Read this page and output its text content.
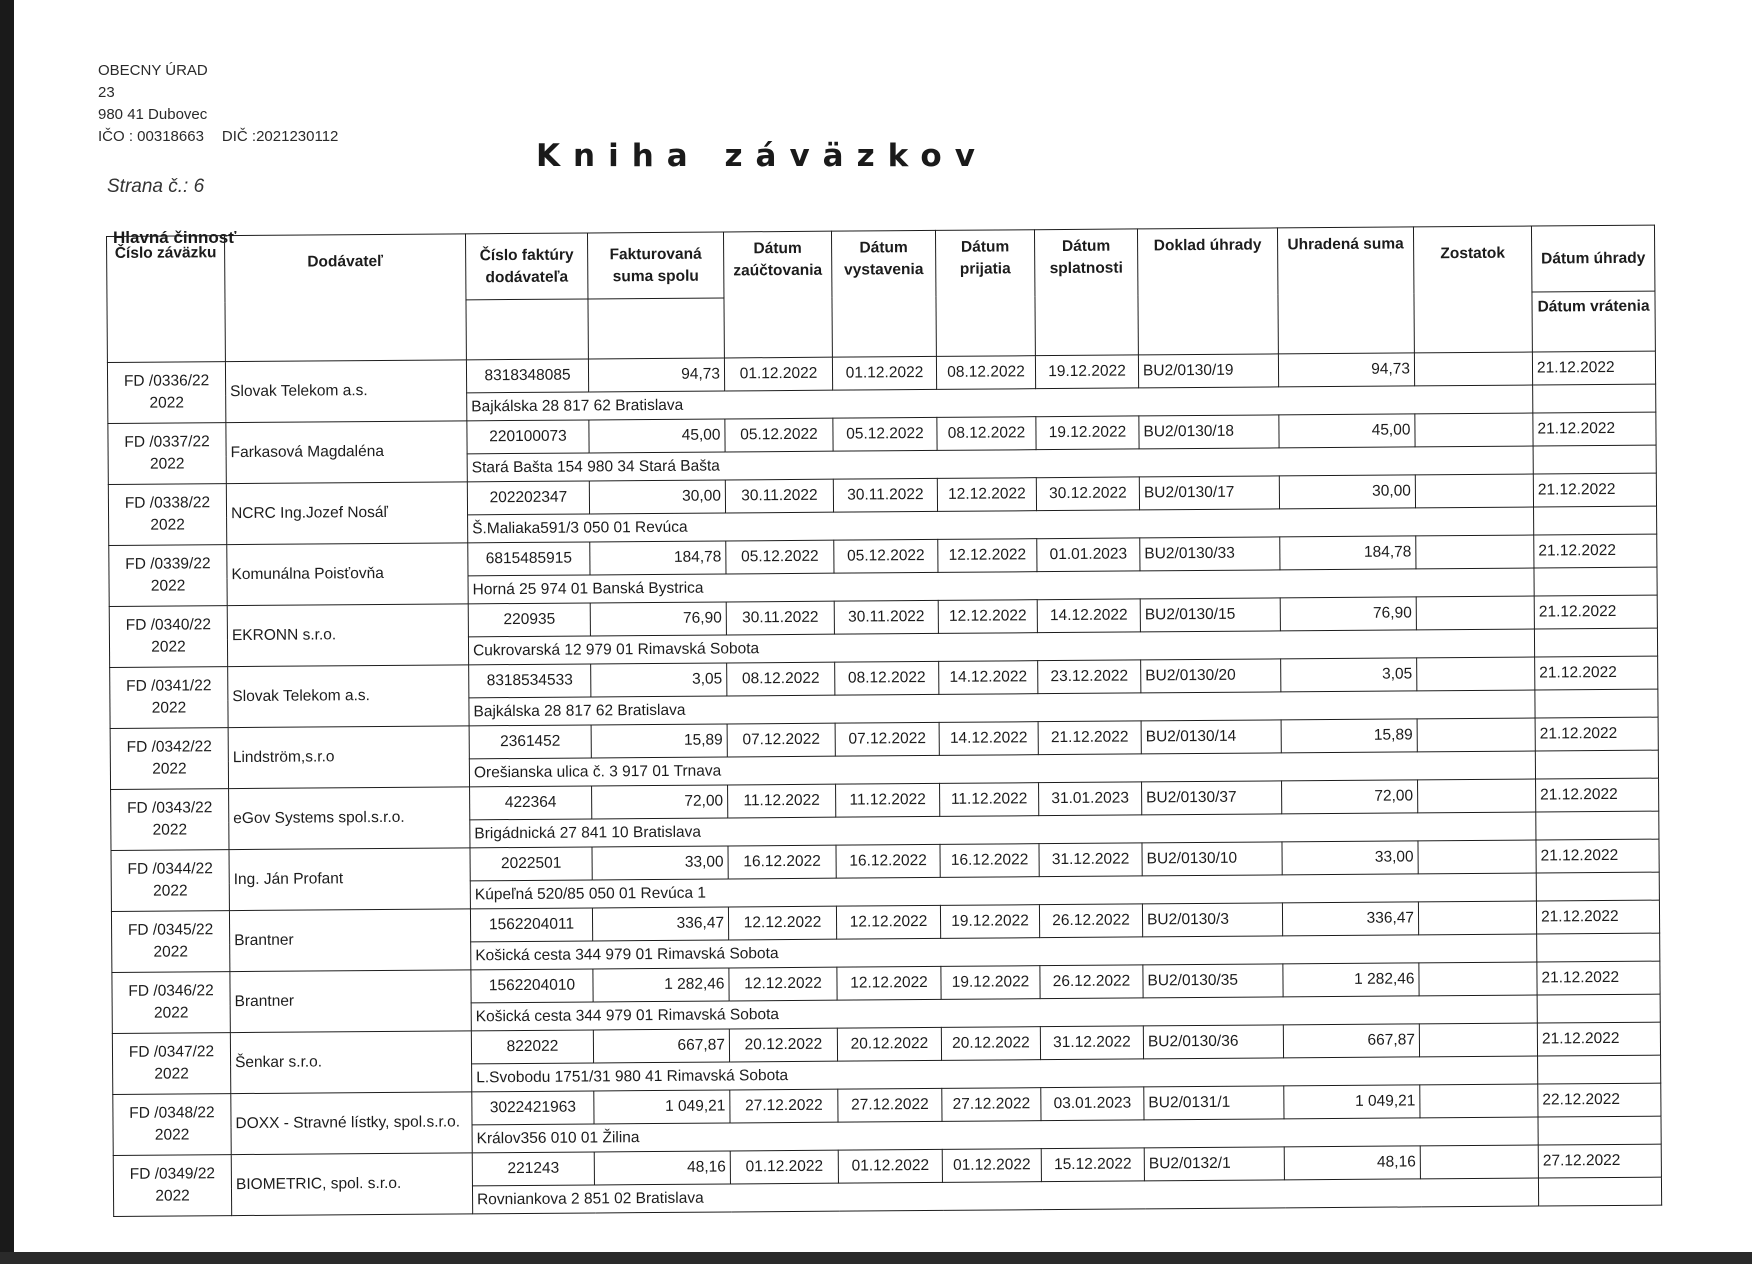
OBECNY ÚRAD
23
980 41 Dubovec
IČO : 00318663 DIČ :2021230112
Strana č.: 6
Kniha záväzkov
Hlavná činnosť
Číslo záväzku	Dodávateľ	Číslo faktúry dodávateľa	Fakturovaná suma spolu	Dátum zaúčtovania	Dátum vystavenia	Dátum prijatia	Dátum splatnosti	Doklad úhrady	Uhradená suma	Zostatok	Dátum úhrady
											Dátum vrátenia
FD /0336/22
2022	Slovak Telekom a.s.	8318348085	94,73	01.12.2022	01.12.2022	08.12.2022	19.12.2022	BU2/0130/19	94,73		21.12.2022
		Bajkálska 28 817 62 Bratislava									
FD /0337/22
2022	Farkasová Magdaléna	220100073	45,00	05.12.2022	05.12.2022	08.12.2022	19.12.2022	BU2/0130/18	45,00		21.12.2022
		Stará Bašta 154 980 34 Stará Bašta									
FD /0338/22
2022	NCRC Ing.Jozef Nosáľ	202202347	30,00	30.11.2022	30.11.2022	12.12.2022	30.12.2022	BU2/0130/17	30,00		21.12.2022
		Š.Maliaka591/3 050 01 Revúca									
FD /0339/22
2022	Komunálna Poisťovňa	6815485915	184,78	05.12.2022	05.12.2022	12.12.2022	01.01.2023	BU2/0130/33	184,78		21.12.2022
		Horná 25 974 01 Banská Bystrica									
FD /0340/22
2022	EKRONN s.r.o.	220935	76,90	30.11.2022	30.11.2022	12.12.2022	14.12.2022	BU2/0130/15	76,90		21.12.2022
		Cukrovarská 12 979 01 Rimavská Sobota									
FD /0341/22
2022	Slovak Telekom a.s.	8318534533	3,05	08.12.2022	08.12.2022	14.12.2022	23.12.2022	BU2/0130/20	3,05		21.12.2022
		Bajkálska 28 817 62 Bratislava									
FD /0342/22
2022	Lindström,s.r.o	2361452	15,89	07.12.2022	07.12.2022	14.12.2022	21.12.2022	BU2/0130/14	15,89		21.12.2022
		Orešianska ulica č. 3 917 01 Trnava									
FD /0343/22
2022	eGov Systems spol.s.r.o.	422364	72,00	11.12.2022	11.12.2022	11.12.2022	31.01.2023	BU2/0130/37	72,00		21.12.2022
		Brigádnická 27 841 10 Bratislava									
FD /0344/22
2022	Ing. Ján Profant	2022501	33,00	16.12.2022	16.12.2022	16.12.2022	31.12.2022	BU2/0130/10	33,00		21.12.2022
		Kúpeľná 520/85 050 01 Revúca 1									
FD /0345/22
2022	Brantner	1562204011	336,47	12.12.2022	12.12.2022	19.12.2022	26.12.2022	BU2/0130/3	336,47		21.12.2022
		Košická cesta 344 979 01 Rimavská Sobota									
FD /0346/22
2022	Brantner	1562204010	1 282,46	12.12.2022	12.12.2022	19.12.2022	26.12.2022	BU2/0130/35	1 282,46		21.12.2022
		Košická cesta 344 979 01 Rimavská Sobota									
FD /0347/22
2022	Šenkar s.r.o.	822022	667,87	20.12.2022	20.12.2022	20.12.2022	31.12.2022	BU2/0130/36	667,87		21.12.2022
		L.Svobodu 1751/31 980 41 Rimavská Sobota									
FD /0348/22
2022	DOXX - Stravné lístky, spol.s.r.o.	3022421963	1 049,21	27.12.2022	27.12.2022	27.12.2022	03.01.2023	BU2/0131/1	1 049,21		22.12.2022
		Králov356 010 01 Žilina									
FD /0349/22
2022	BIOMETRIC, spol. s.r.o.	221243	48,16	01.12.2022	01.12.2022	01.12.2022	15.12.2022	BU2/0132/1	48,16		27.12.2022
		Rovniankova 2 851 02 Bratislava									
